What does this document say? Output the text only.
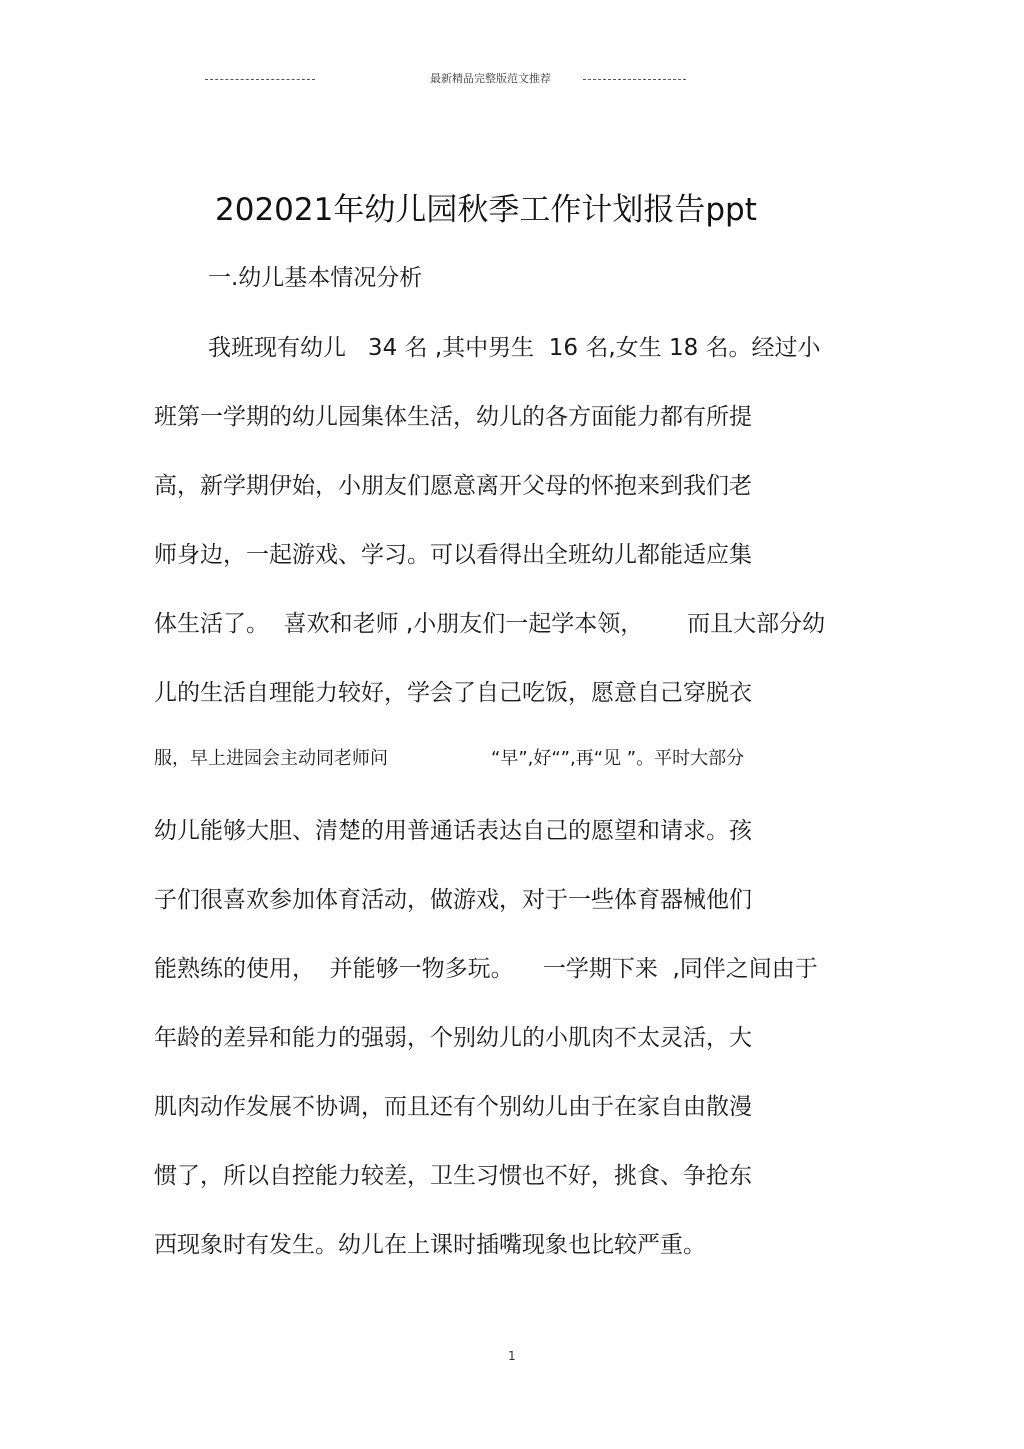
最新精品完整版范文推荐
202021年幼儿园秋季工作计划报告ppt
一.幼儿基本情况分析
我班现有幼儿   34 名 ,其中男生  16 名,女生 18 名。经过小
班第一学期的幼儿园集体生活，幼儿的各方面能力都有所提
高，新学期伊始，小朋友们愿意离开父母的怀抱来到我们老
师身边，一起游戏、学习。可以看得出全班幼儿都能适应集
体生活了。  喜欢和老师 ,小朋友们一起学本领，      而且大部分幼
儿的生活自理能力较好，学会了自己吃饭，愿意自己穿脱衣
服，早上进园会主动同老师问                  “早”,好“”,再“见 ”。平时大部分
幼儿能够大胆、清楚的用普通话表达自己的愿望和请求。孩
子们很喜欢参加体育活动，做游戏，对于一些体育器械他们
能熟练的使用，  并能够一物多玩。    一学期下来  ,同伴之间由于
年龄的差异和能力的强弱，个别幼儿的小肌肉不太灵活，大
肌肉动作发展不协调，而且还有个别幼儿由于在家自由散漫
惯了，所以自控能力较差，卫生习惯也不好，挑食、争抢东
西现象时有发生。幼儿在上课时插嘴现象也比较严重。
1
